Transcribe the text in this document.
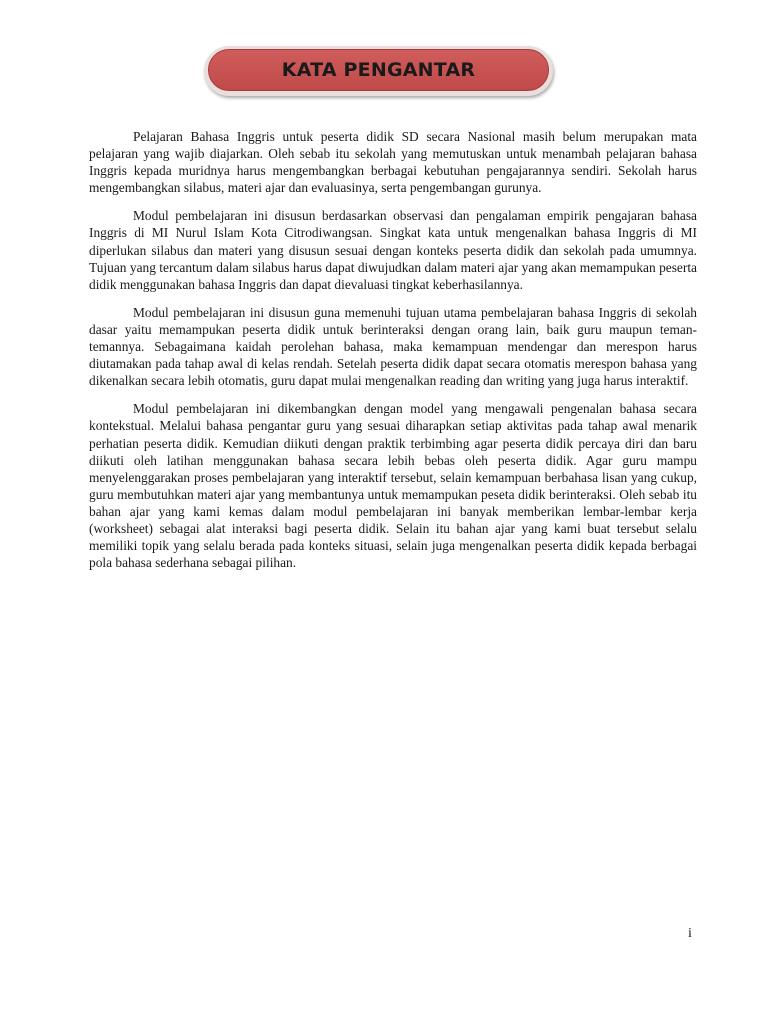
KATA PENGANTAR

Pelajaran Bahasa Inggris untuk peserta didik SD secara Nasional masih belum merupakan mata pelajaran yang wajib diajarkan. Oleh sebab itu sekolah yang memutuskan untuk menambah pelajaran bahasa Inggris kepada muridnya harus mengembangkan berbagai kebutuhan pengajarannya sendiri. Sekolah harus mengembangkan silabus, materi ajar dan evaluasinya, serta pengembangan gurunya.

Modul pembelajaran ini disusun berdasarkan observasi dan pengalaman empirik pengajaran bahasa Inggris di MI Nurul Islam Kota Citrodiwangsan. Singkat kata untuk mengenalkan bahasa Inggris di MI diperlukan silabus dan materi yang disusun sesuai dengan konteks peserta didik dan sekolah pada umumnya. Tujuan yang tercantum dalam silabus harus dapat diwujudkan dalam materi ajar yang akan memampukan peserta didik menggunakan bahasa Inggris dan dapat dievaluasi tingkat keberhasilannya.

Modul pembelajaran ini disusun guna memenuhi tujuan utama pembelajaran bahasa Inggris di sekolah dasar yaitu memampukan peserta didik untuk berinteraksi dengan orang lain, baik guru maupun teman-temannya. Sebagaimana kaidah perolehan bahasa, maka kemampuan mendengar dan merespon harus diutamakan pada tahap awal di kelas rendah. Setelah peserta didik dapat secara otomatis merespon bahasa yang dikenalkan secara lebih otomatis, guru dapat mulai mengenalkan reading dan writing yang juga harus interaktif.

Modul pembelajaran ini dikembangkan dengan model yang mengawali pengenalan bahasa secara kontekstual. Melalui bahasa pengantar guru yang sesuai diharapkan setiap aktivitas pada tahap awal menarik perhatian peserta didik. Kemudian diikuti dengan praktik terbimbing agar peserta didik percaya diri dan baru diikuti oleh latihan menggunakan bahasa secara lebih bebas oleh peserta didik. Agar guru mampu menyelenggarakan proses pembelajaran yang interaktif tersebut, selain kemampuan berbahasa lisan yang cukup, guru membutuhkan materi ajar yang membantunya untuk memampukan peseta didik berinteraksi. Oleh sebab itu bahan ajar yang kami kemas dalam modul pembelajaran ini banyak memberikan lembar-lembar kerja (worksheet) sebagai alat interaksi bagi peserta didik. Selain itu bahan ajar yang kami buat tersebut selalu memiliki topik yang selalu berada pada konteks situasi, selain juga mengenalkan peserta didik kepada berbagai pola bahasa sederhana sebagai pilihan.

i
